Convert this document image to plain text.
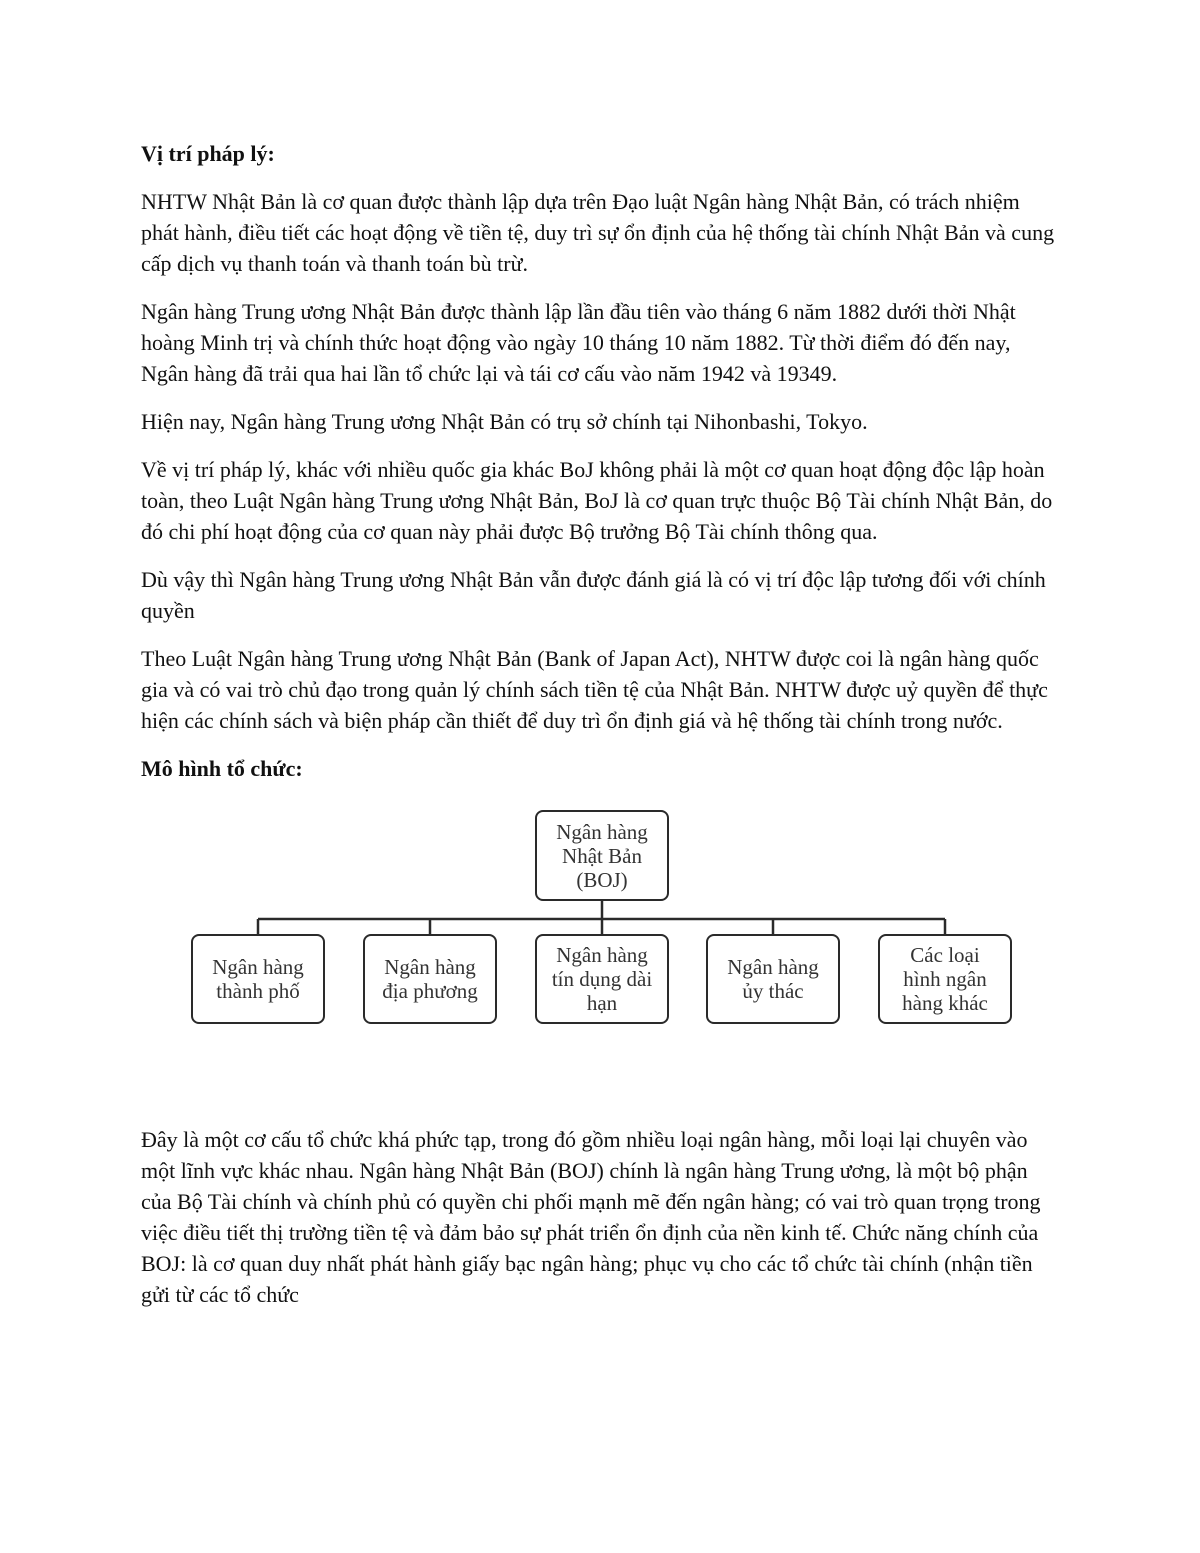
Vị trí pháp lý:

NHTW Nhật Bản là cơ quan được thành lập dựa trên Đạo luật Ngân hàng Nhật Bản, có trách nhiệm phát hành, điều tiết các hoạt động về tiền tệ, duy trì sự ổn định của hệ thống tài chính Nhật Bản và cung cấp dịch vụ thanh toán và thanh toán bù trừ.

Ngân hàng Trung ương Nhật Bản được thành lập lần đầu tiên vào tháng 6 năm 1882 dưới thời Nhật hoàng Minh trị và chính thức hoạt động vào ngày 10 tháng 10 năm 1882. Từ thời điểm đó đến nay, Ngân hàng đã trải qua hai lần tổ chức lại và tái cơ cấu vào năm 1942 và 19349.

Hiện nay, Ngân hàng Trung ương Nhật Bản có trụ sở chính tại Nihonbashi, Tokyo.

Về vị trí pháp lý, khác với nhiều quốc gia khác BoJ không phải là một cơ quan hoạt động độc lập hoàn toàn, theo Luật Ngân hàng Trung ương Nhật Bản, BoJ là cơ quan trực thuộc Bộ Tài chính Nhật Bản, do đó chi phí hoạt động của cơ quan này phải được Bộ trưởng Bộ Tài chính thông qua.

Dù vậy thì Ngân hàng Trung ương Nhật Bản vẫn được đánh giá là có vị trí độc lập tương đối với chính quyền

Theo Luật Ngân hàng Trung ương Nhật Bản (Bank of Japan Act), NHTW được coi là ngân hàng quốc gia và có vai trò chủ đạo trong quản lý chính sách tiền tệ của Nhật Bản. NHTW được uỷ quyền để thực hiện các chính sách và biện pháp cần thiết để duy trì ổn định giá và hệ thống tài chính trong nước.

Mô hình tổ chức:
Ngân hàng
Nhật Bản
(BOJ)
Ngân hàng
thành phố
Ngân hàng
địa phương
Ngân hàng
tín dụng dài
hạn
Ngân hàng
ủy thác
Các loại
hình ngân
hàng khác

Đây là một cơ cấu tổ chức khá phức tạp, trong đó gồm nhiều loại ngân hàng, mỗi loại lại chuyên vào một lĩnh vực khác nhau. Ngân hàng Nhật Bản (BOJ) chính là ngân hàng Trung ương, là một bộ phận của Bộ Tài chính và chính phủ có quyền chi phối mạnh mẽ đến ngân hàng; có vai trò quan trọng trong việc điều tiết thị trường tiền tệ và đảm bảo sự phát triển ổn định của nền kinh tế. Chức năng chính của BOJ: là cơ quan duy nhất phát hành giấy bạc ngân hàng; phục vụ cho các tổ chức tài chính (nhận tiền gửi từ các tổ chức
